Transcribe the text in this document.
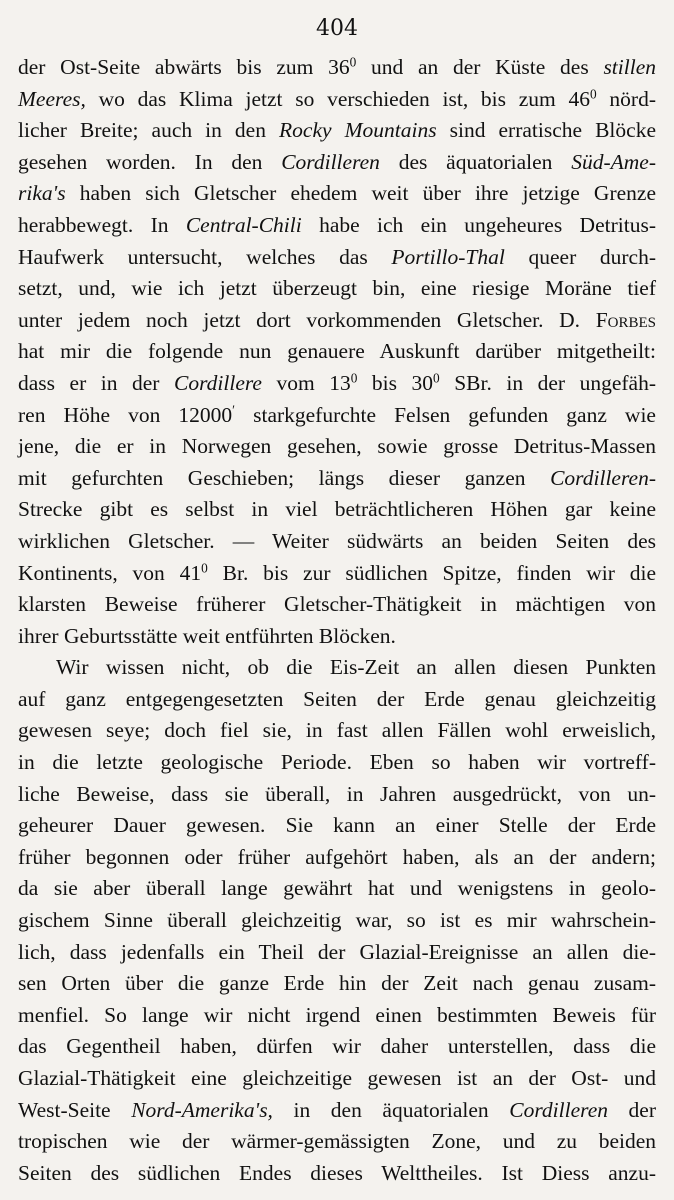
404
der Ost-Seite abwärts bis zum $36^0$ und an der Küste des stillen
Meeres, wo das Klima jetzt so verschieden ist, bis zum $46^0$ nörd-
licher Breite; auch in den Rocky Mountains sind erratische Blöcke
gesehen worden. In den Cordilleren des äquatorialen Süd-Ame-
rika's haben sich Gletscher ehedem weit über ihre jetzige Grenze
herabbewegt. In Central-Chili habe ich ein ungeheures Detritus-
Haufwerk untersucht, welches das Portillo-Thal queer durch-
setzt, und, wie ich jetzt überzeugt bin, eine riesige Moräne tief
unter jedem noch jetzt dort vorkommenden Gletscher. D. Forbes
hat mir die folgende nun genauere Auskunft darüber mitgetheilt:
dass er in der Cordillere vom $13^0$ bis $30^0$ SBr. in der ungefäh-
ren Höhe von 12000′ starkgefurchte Felsen gefunden ganz wie
jene, die er in Norwegen gesehen, sowie grosse Detritus-Massen
mit gefurchten Geschieben; längs dieser ganzen Cordilleren-
Strecke gibt es selbst in viel beträchtlicheren Höhen gar keine
wirklichen Gletscher. — Weiter südwärts an beiden Seiten des
Kontinents, von $41^0$ Br. bis zur südlichen Spitze, finden wir die
klarsten Beweise früherer Gletscher-Thätigkeit in mächtigen von
ihrer Geburtsstätte weit entführten Blöcken.
Wir wissen nicht, ob die Eis-Zeit an allen diesen Punkten
auf ganz entgegengesetzten Seiten der Erde genau gleichzeitig
gewesen seye; doch fiel sie, in fast allen Fällen wohl erweislich,
in die letzte geologische Periode. Eben so haben wir vortreff-
liche Beweise, dass sie überall, in Jahren ausgedrückt, von un-
geheurer Dauer gewesen. Sie kann an einer Stelle der Erde
früher begonnen oder früher aufgehört haben, als an der andern;
da sie aber überall lange gewährt hat und wenigstens in geolo-
gischem Sinne überall gleichzeitig war, so ist es mir wahrschein-
lich, dass jedenfalls ein Theil der Glazial-Ereignisse an allen die-
sen Orten über die ganze Erde hin der Zeit nach genau zusam-
menfiel. So lange wir nicht irgend einen bestimmten Beweis für
das Gegentheil haben, dürfen wir daher unterstellen, dass die
Glazial-Thätigkeit eine gleichzeitige gewesen ist an der Ost- und
West-Seite Nord-Amerika's, in den äquatorialen Cordilleren der
tropischen wie der wärmer-gemässigten Zone, und zu beiden
Seiten des südlichen Endes dieses Welttheiles. Ist Diess anzu-
